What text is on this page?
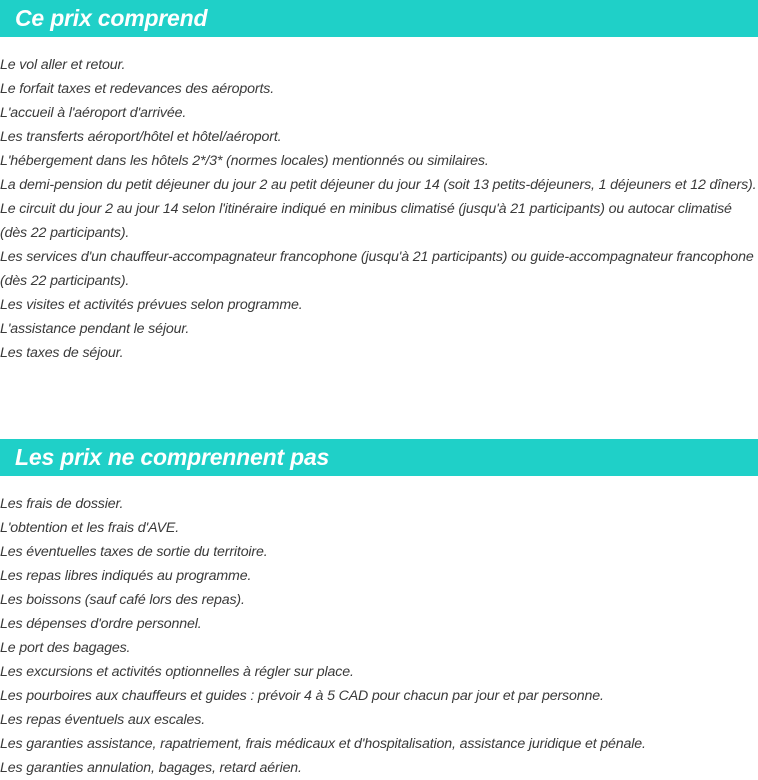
Ce prix comprend
Le vol aller et retour.
Le forfait taxes et redevances des aéroports.
L'accueil à l'aéroport d'arrivée.
Les transferts aéroport/hôtel et hôtel/aéroport.
L'hébergement dans les hôtels 2*/3* (normes locales) mentionnés ou similaires.
La demi-pension du petit déjeuner du jour 2 au petit déjeuner du jour 14 (soit 13 petits-déjeuners, 1 déjeuners et 12 dîners).
Le circuit du jour 2 au jour 14 selon l'itinéraire indiqué en minibus climatisé (jusqu'à 21 participants) ou autocar climatisé (dès 22 participants).
Les services d'un chauffeur-accompagnateur francophone (jusqu'à 21 participants) ou guide-accompagnateur francophone (dès 22 participants).
Les visites et activités prévues selon programme.
L'assistance pendant le séjour.
Les taxes de séjour.
Les prix ne comprennent pas
Les frais de dossier.
L'obtention et les frais d'AVE.
Les éventuelles taxes de sortie du territoire.
Les repas libres indiqués au programme.
Les boissons (sauf café lors des repas).
Les dépenses d'ordre personnel.
Le port des bagages.
Les excursions et activités optionnelles à régler sur place.
Les pourboires aux chauffeurs et guides : prévoir 4 à 5 CAD pour chacun par jour et par personne.
Les repas éventuels aux escales.
Les garanties assistance, rapatriement, frais médicaux et d'hospitalisation, assistance juridique et pénale.
Les garanties annulation, bagages, retard aérien.
